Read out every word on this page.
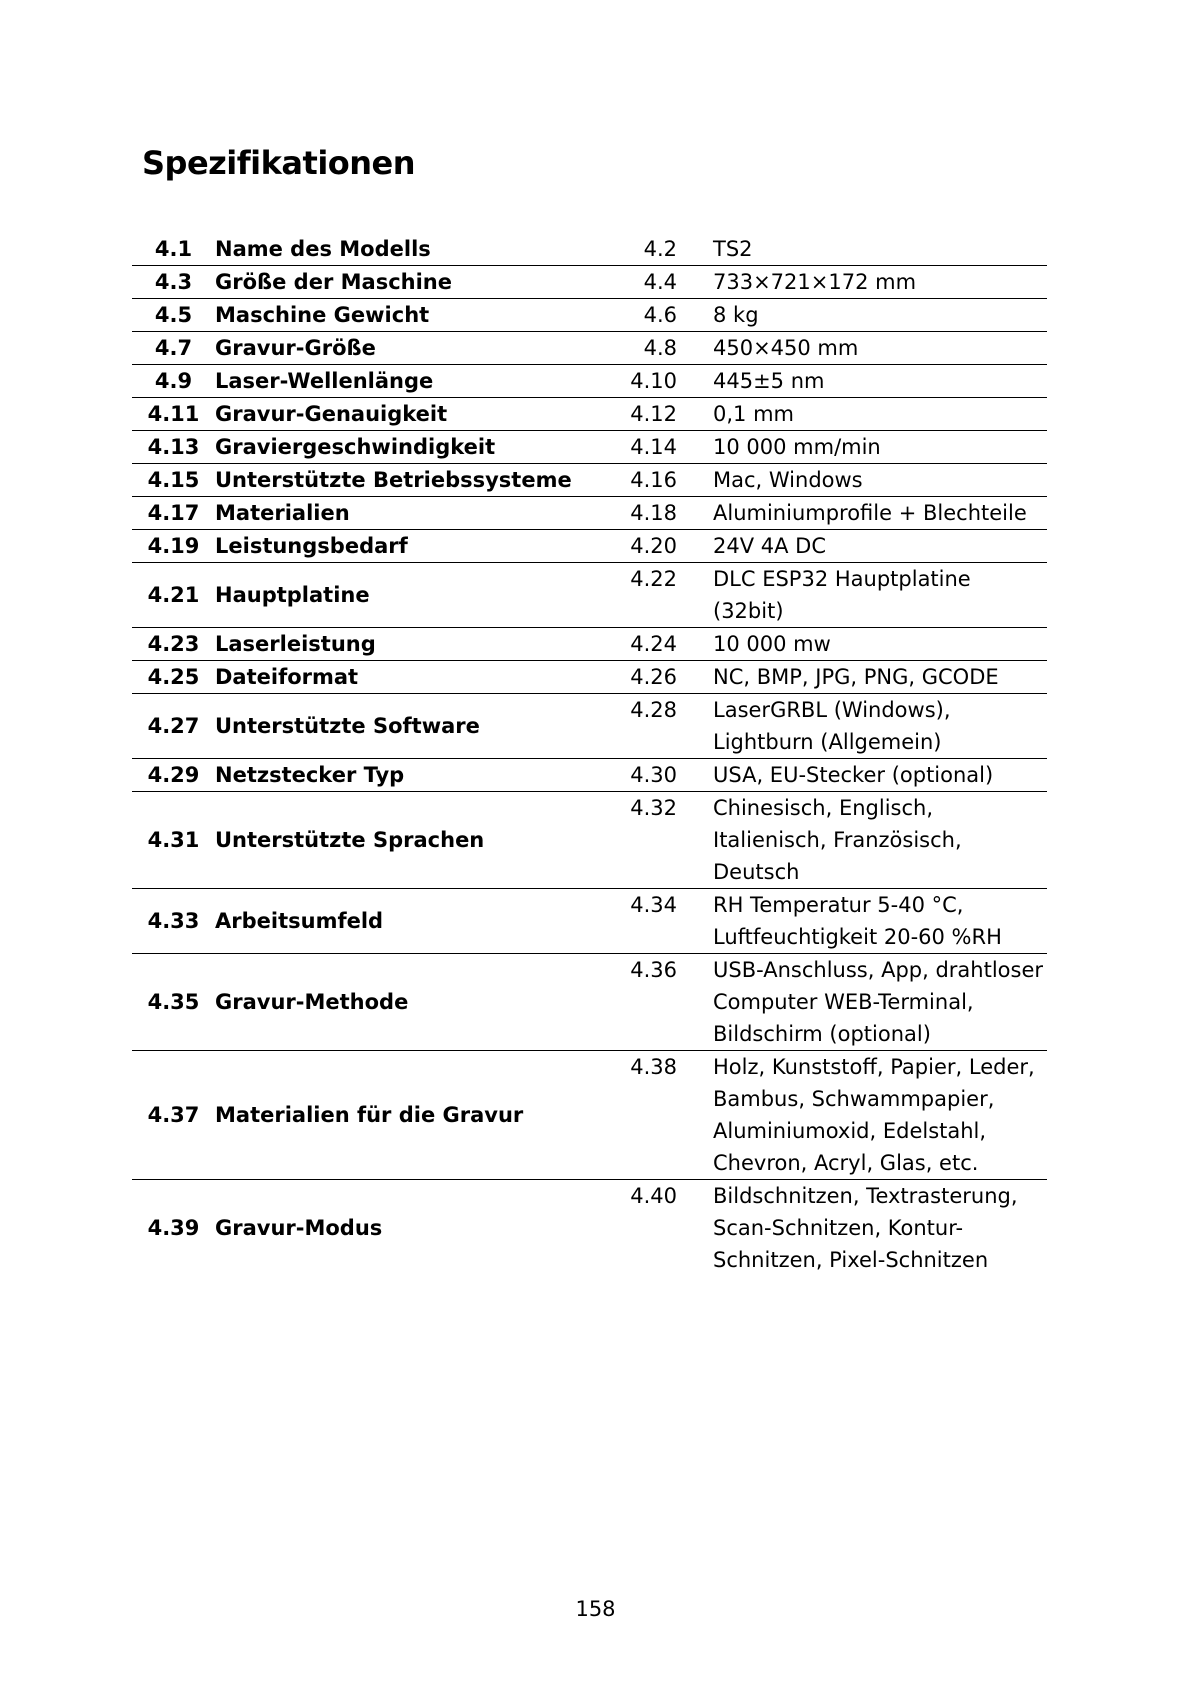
Spezifikationen
4.1	Name des Modells	4.2	TS2
4.3	Größe der Maschine	4.4	733×721×172 mm
4.5	Maschine Gewicht	4.6	8 kg
4.7	Gravur-Größe	4.8	450×450 mm
4.9	Laser-Wellenlänge	4.10	445±5 nm
4.11	Gravur-Genauigkeit	4.12	0,1 mm
4.13	Graviergeschwindigkeit	4.14	10 000 mm/min
4.15	Unterstützte Betriebssysteme	4.16	Mac, Windows
4.17	Materialien	4.18	Aluminiumprofile + Blechteile
4.19	Leistungsbedarf	4.20	24V 4A DC
4.21	Hauptplatine	4.22	DLC ESP32 Hauptplatine (32bit)
4.23	Laserleistung	4.24	10 000 mw
4.25	Dateiformat	4.26	NC, BMP, JPG, PNG, GCODE
4.27	Unterstützte Software	4.28	LaserGRBL (Windows), Lightburn (Allgemein)
4.29	Netzstecker Typ	4.30	USA, EU-Stecker (optional)
4.31	Unterstützte Sprachen	4.32	Chinesisch, Englisch, Italienisch, Französisch, Deutsch
4.33	Arbeitsumfeld	4.34	RH Temperatur 5-40 °C, Luftfeuchtigkeit 20-60 %RH
4.35	Gravur-Methode	4.36	USB-Anschluss, App, drahtloser Computer WEB-Terminal, Bildschirm (optional)
4.37	Materialien für die Gravur	4.38	Holz, Kunststoff, Papier, Leder, Bambus, Schwammpapier, Aluminiumoxid, Edelstahl, Chevron, Acryl, Glas, etc.
4.39	Gravur-Modus	4.40	Bildschnitzen, Textrasterung, Scan-Schnitzen, Kontur-Schnitzen, Pixel-Schnitzen
158
